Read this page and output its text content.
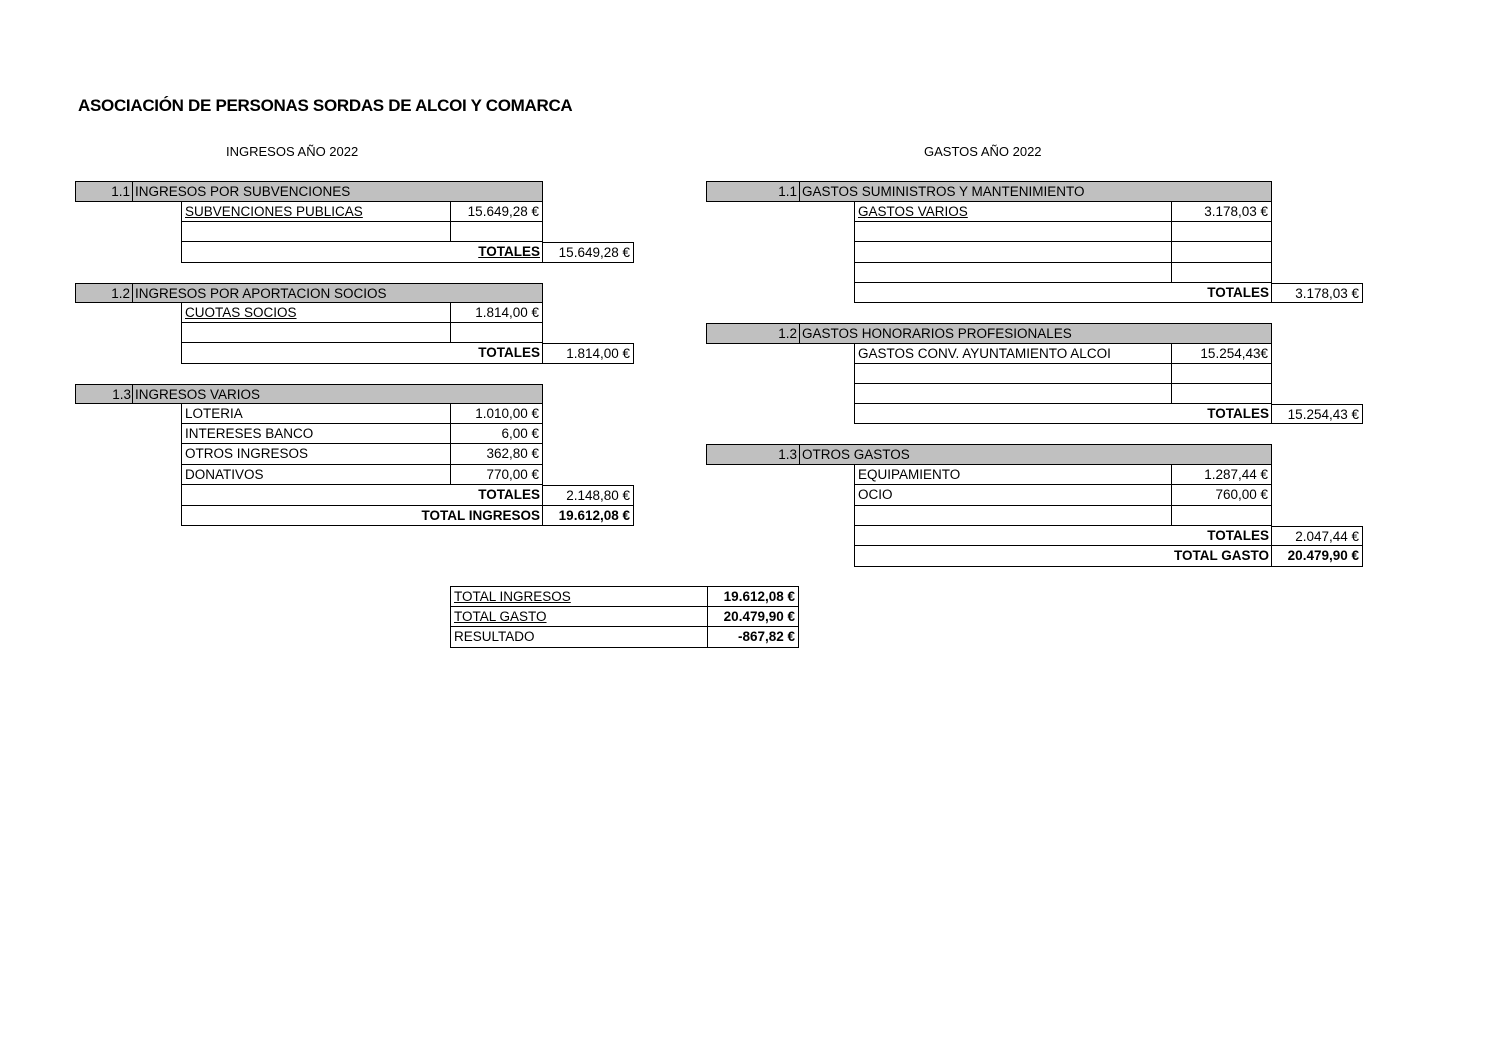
ASOCIACIÓN DE PERSONAS SORDAS DE ALCOI Y COMARCA
INGRESOS AÑO 2022	GASTOS AÑO 2022
1.1 INGRESOS POR SUBVENCIONES
SUBVENCIONES PUBLICAS	15.649,28 €
TOTALES	15.649,28 €
1.2 INGRESOS POR APORTACION SOCIOS
CUOTAS SOCIOS	1.814,00 €
TOTALES	1.814,00 €
1.3 INGRESOS VARIOS
LOTERIA	1.010,00 €
INTERESES BANCO	6,00 €
OTROS INGRESOS	362,80 €
DONATIVOS	770,00 €
TOTALES	2.148,80 €
TOTAL INGRESOS	19.612,08 €
1.1 GASTOS SUMINISTROS Y MANTENIMIENTO
GASTOS VARIOS	3.178,03 €
TOTALES	3.178,03 €
1.2 GASTOS HONORARIOS PROFESIONALES
GASTOS CONV. AYUNTAMIENTO ALCOI	15.254,43€
TOTALES	15.254,43 €
1.3 OTROS GASTOS
EQUIPAMIENTO	1.287,44 €
OCIO	760,00 €
TOTALES	2.047,44 €
TOTAL GASTO	20.479,90 €
TOTAL INGRESOS	19.612,08 €
TOTAL GASTO	20.479,90 €
RESULTADO	-867,82 €
